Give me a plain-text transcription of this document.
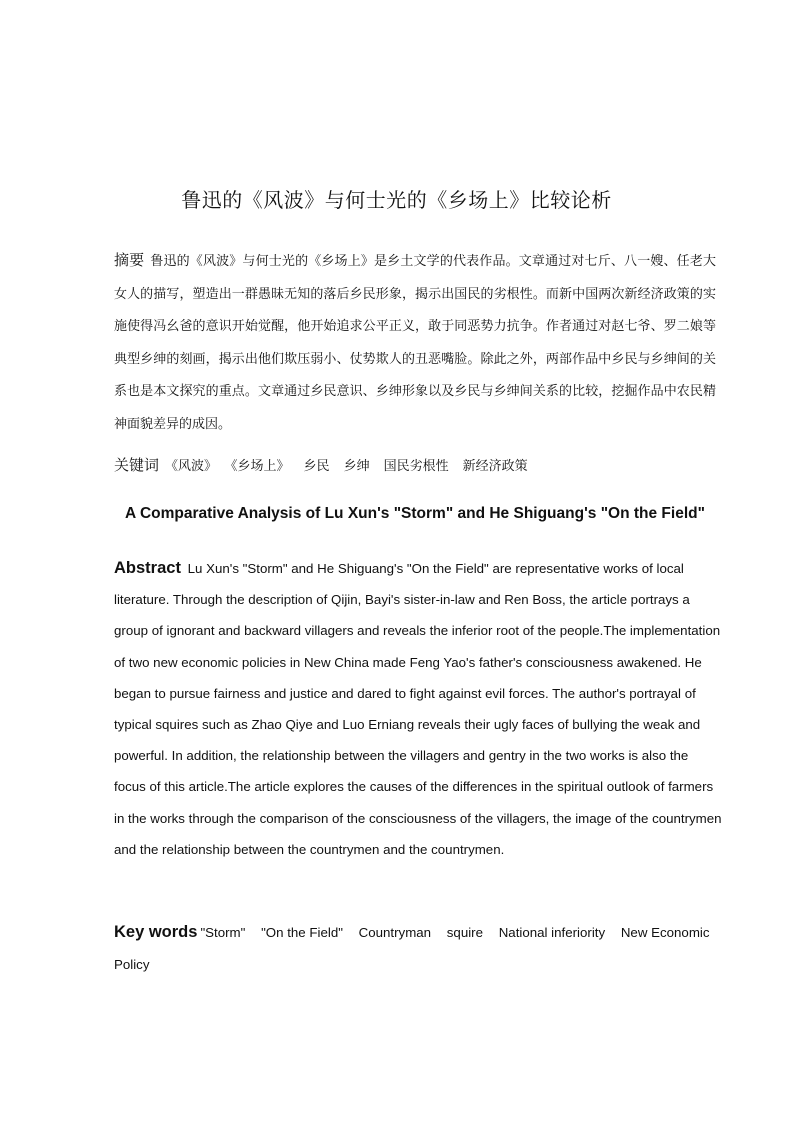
鲁迅的《风波》与何士光的《乡场上》比较论析

摘要 鲁迅的《风波》与何士光的《乡场上》是乡土文学的代表作品。文章通过对七斤、八一嫂、任老大女人的描写，塑造出一群愚昧无知的落后乡民形象，揭示出国民的劣根性。而新中国两次新经济政策的实施使得冯幺爸的意识开始觉醒，他开始追求公平正义，敢于同恶势力抗争。作者通过对赵七爷、罗二娘等典型乡绅的刻画，揭示出他们欺压弱小、仗势欺人的丑恶嘴脸。除此之外，两部作品中乡民与乡绅间的关系也是本文探究的重点。文章通过乡民意识、乡绅形象以及乡民与乡绅间关系的比较，挖掘作品中农民精神面貌差异的成因。

关键词 《风波》 《乡场上》 乡民 乡绅 国民劣根性 新经济政策

A Comparative Analysis of Lu Xun's "Storm" and He Shiguang's "On the Field"

Abstract Lu Xun's "Storm" and He Shiguang's "On the Field" are representative works of local literature. Through the description of Qijin, Bayi's sister-in-law and Ren Boss, the article portrays a group of ignorant and backward villagers and reveals the inferior root of the people.The implementation of two new economic policies in New China made Feng Yao's father's consciousness awakened. He began to pursue fairness and justice and dared to fight against evil forces. The author's portrayal of typical squires such as Zhao Qiye and Luo Erniang reveals their ugly faces of bullying the weak and powerful. In addition, the relationship between the villagers and gentry in the two works is also the focus of this article.The article explores the causes of the differences in the spiritual outlook of farmers in the works through the comparison of the consciousness of the villagers, the image of the countrymen and the relationship between the countrymen and the countrymen.

Key words "Storm" "On the Field" Countryman squire National inferiority New Economic Policy
